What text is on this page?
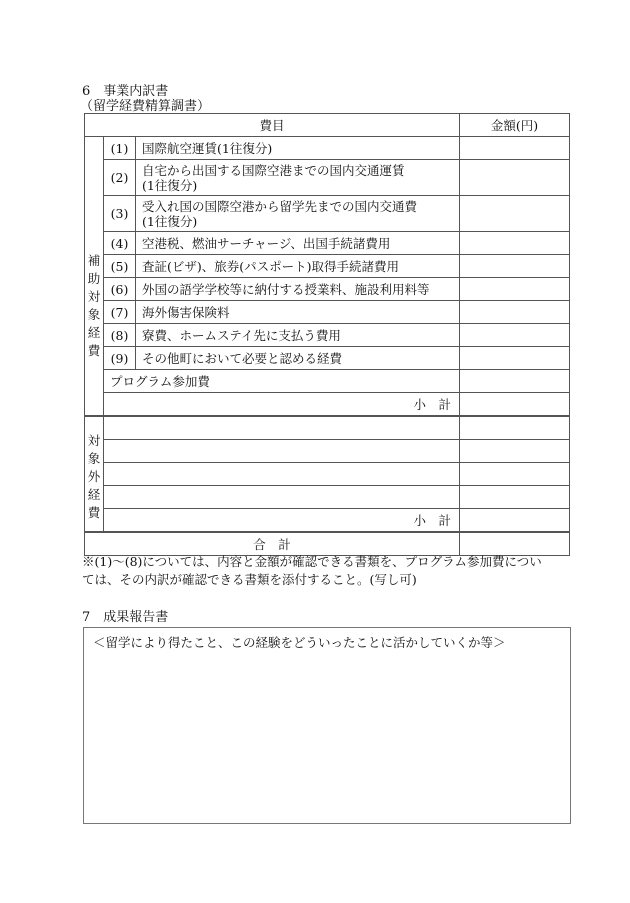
6　事業内訳書
（留学経費精算調書）
費目			金額(円)

補
助
対
象
経
費
	(1)	国際航空運賃(1往復分)	
	(2)	自宅から出国する国際空港までの国内交通運賃
(1往復分)	

	(3)	受入れ国の国際空港から留学先までの国内交通費
(1往復分)	

	(4)	空港税、燃油サーチャージ、出国手続諸費用	
	(5)	査証(ビザ)、旅券(パスポート)取得手続諸費用	
	(6)	外国の語学学校等に納付する授業料、施設利用料等	
	(7)	海外傷害保険料	
	(8)	寮費、ホームステイ先に支払う費用	
	(9)	その他町において必要と認める経費	
	プログラム参加費		
	小　計		

対
象
外
経
費			

	小　計		
合　計			
※(1)～(8)については、内容と金額が確認できる書類を、プログラム参加費につい
ては、その内訳が確認できる書類を添付すること。(写し可)
7　成果報告書
＜留学により得たこと、この経験をどういったことに活かしていくか等＞
